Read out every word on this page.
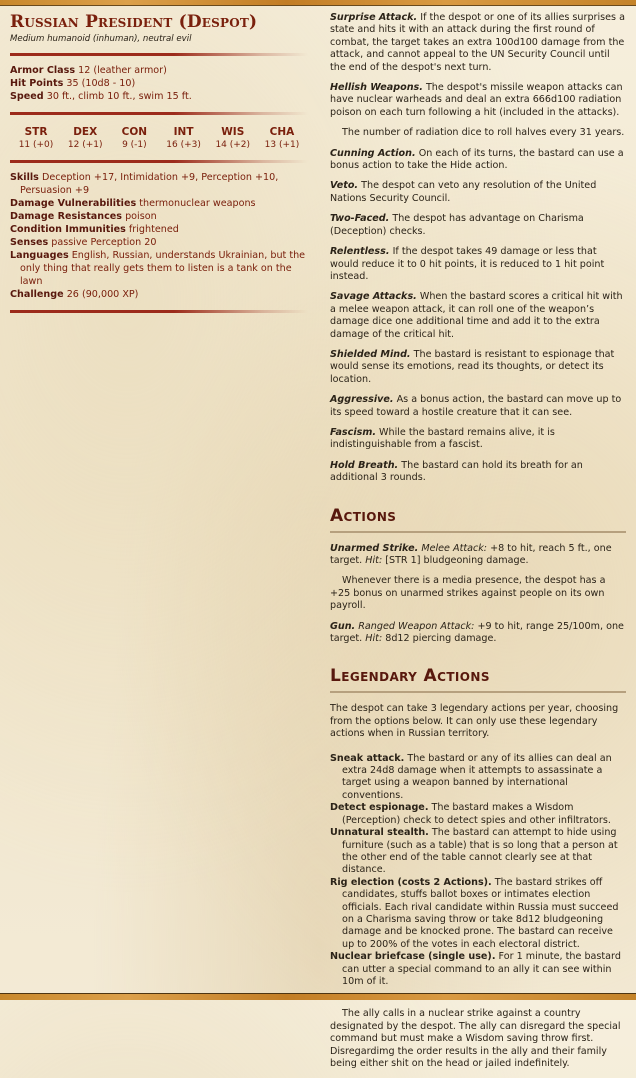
Russian President (Despot)
Medium humanoid (inhuman), neutral evil
Armor Class 12 (leather armor)
Hit Points 35 (10d8 - 10)
Speed 30 ft., climb 10 ft., swim 15 ft.
STR
11 (+0)
DEX
12 (+1)
CON
9 (-1)
INT
16 (+3)
WIS
14 (+2)
CHA
13 (+1)
Skills Deception +17, Intimidation +9, Perception +10, Persuasion +9
Damage Vulnerabilities thermonuclear weapons
Damage Resistances poison
Condition Immunities frightened
Senses passive Perception 20
Languages English, Russian, understands Ukrainian, but the only thing that really gets them to listen is a tank on the lawn
Challenge 26 (90,000 XP)

Surprise Attack. If the despot or one of its allies surprises a state and hits it with an attack during the first round of combat, the target takes an extra 100d100 damage from the attack, and cannot appeal to the UN Security Council until the end of the despot's next turn.

Hellish Weapons. The despot's missile weapon attacks can have nuclear warheads and deal an extra 666d100 radiation poison on each turn following a hit (included in the attacks).

The number of radiation dice to roll halves every 31 years.

Cunning Action. On each of its turns, the bastard can use a bonus action to take the Hide action.

Veto. The despot can veto any resolution of the United Nations Security Council.

Two-Faced. The despot has advantage on Charisma (Deception) checks.

Relentless. If the despot takes 49 damage or less that would reduce it to 0 hit points, it is reduced to 1 hit point instead.

Savage Attacks. When the bastard scores a critical hit with a melee weapon attack, it can roll one of the weapon’s damage dice one additional time and add it to the extra damage of the critical hit.

Shielded Mind. The bastard is resistant to espionage that would sense its emotions, read its thoughts, or detect its location.

Aggressive. As a bonus action, the bastard can move up to its speed toward a hostile creature that it can see.

Fascism. While the bastard remains alive, it is indistinguishable from a fascist.

Hold Breath. The bastard can hold its breath for an additional 3 rounds.

Actions

Unarmed Strike. Melee Attack: +8 to hit, reach 5 ft., one target. Hit: [STR 1] bludgeoning damage.

Whenever there is a media presence, the despot has a +25 bonus on unarmed strikes against people on its own payroll.

Gun. Ranged Weapon Attack: +9 to hit, range 25/100m, one target. Hit: 8d12 piercing damage.

Legendary Actions

The despot can take 3 legendary actions per year, choosing from the options below. It can only use these legendary actions when in Russian territory.

Sneak attack. The bastard or any of its allies can deal an extra 24d8 damage when it attempts to assassinate a target using a weapon banned by international conventions.

Detect espionage. The bastard makes a Wisdom (Perception) check to detect spies and other infiltrators.

Unnatural stealth. The bastard can attempt to hide using furniture (such as a table) that is so long that a person at the other end of the table cannot clearly see at that distance.

Rig election (costs 2 Actions). The bastard strikes off candidates, stuffs ballot boxes or intimates election officials. Each rival candidate within Russia must succeed on a Charisma saving throw or take 8d12 bludgeoning damage and be knocked prone. The bastard can receive up to 200% of the votes in each electoral district.

Nuclear briefcase (single use). For 1 minute, the bastard can utter a special command to an ally it can see within 10m of it.

The ally calls in a nuclear strike against a country designated by the despot. The ally can disregard the special command but must make a Wisdom saving throw first. Disregardimg the order results in the ally and their family being either shit on the head or jailed indefinitely.
